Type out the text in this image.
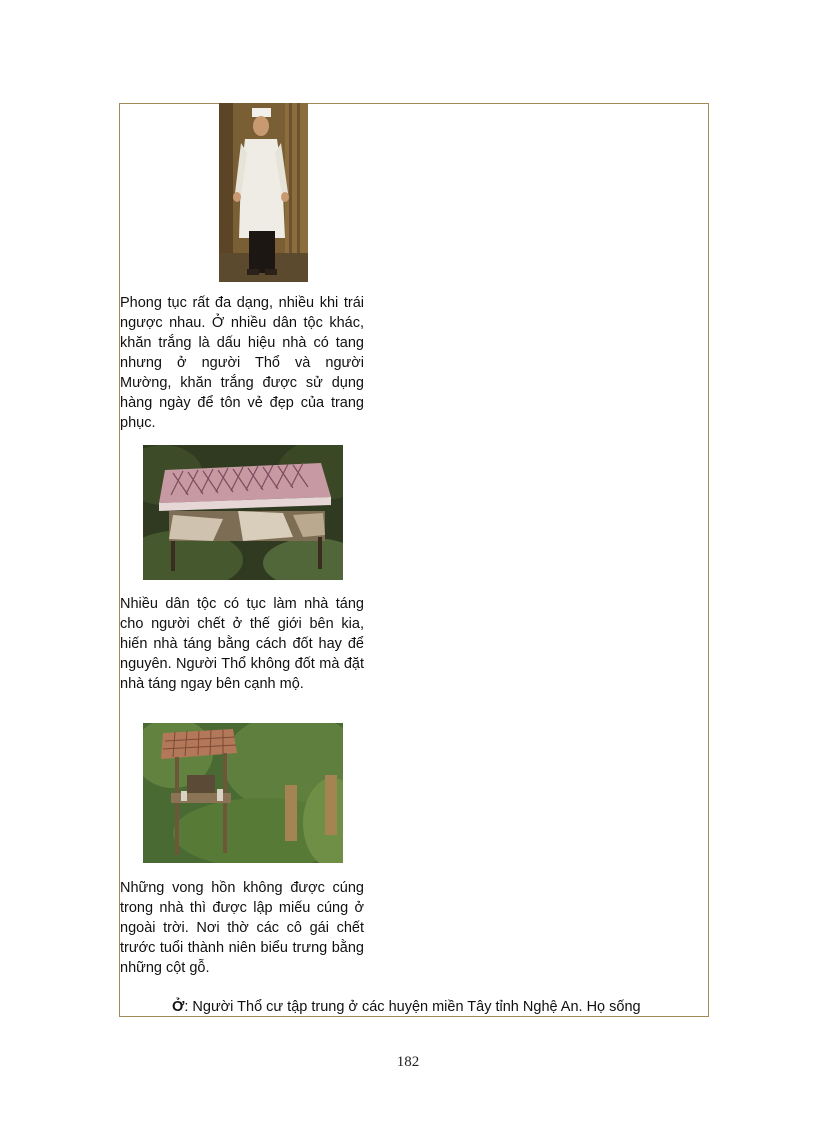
Phong tục rất đa dạng, nhiều khi trái ngược nhau. Ở nhiều dân tộc khác, khăn trắng là dấu hiệu nhà có tang nhưng ở người Thổ và người Mường, khăn trắng được sử dụng hàng ngày để tôn vẻ đẹp của trang phục.
Nhiều dân tộc có tục làm nhà táng cho người chết ở thế giới bên kia, hiến nhà táng bằng cách đốt hay để nguyên. Người Thổ không đốt mà đặt nhà táng ngay bên cạnh mộ.
Những vong hồn không được cúng trong nhà thì được lập miếu cúng ở ngoài trời. Nơi thờ các cô gái chết trước tuổi thành niên biểu trưng bằng những cột gỗ.
Ở: Người Thổ cư tập trung ở các huyện miền Tây tỉnh Nghệ An. Họ sống
182
